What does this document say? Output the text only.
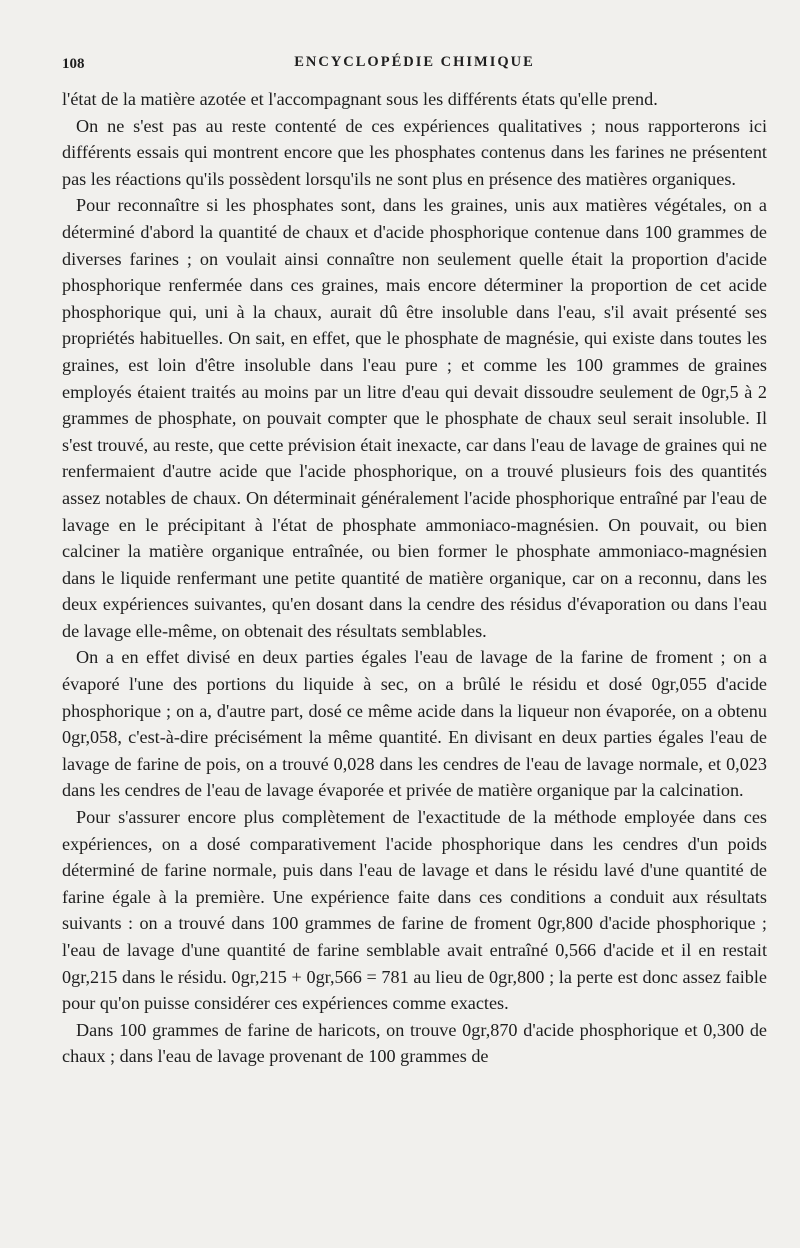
108	ENCYCLOPÉDIE CHIMIQUE

l'état de la matière azotée et l'accompagnant sous les différents états qu'elle prend.

On ne s'est pas au reste contenté de ces expériences qualitatives ; nous rapporterons ici différents essais qui montrent encore que les phosphates contenus dans les farines ne présentent pas les réactions qu'ils possèdent lorsqu'ils ne sont plus en présence des matières organiques.

Pour reconnaître si les phosphates sont, dans les graines, unis aux matières végétales, on a déterminé d'abord la quantité de chaux et d'acide phosphorique contenue dans 100 grammes de diverses farines ; on voulait ainsi connaître non seulement quelle était la proportion d'acide phosphorique renfermée dans ces graines, mais encore déterminer la proportion de cet acide phosphorique qui, uni à la chaux, aurait dû être insoluble dans l'eau, s'il avait présenté ses propriétés habituelles. On sait, en effet, que le phosphate de magnésie, qui existe dans toutes les graines, est loin d'être insoluble dans l'eau pure ; et comme les 100 grammes de graines employés étaient traités au moins par un litre d'eau qui devait dissoudre seulement de 0gr,5 à 2 grammes de phosphate, on pouvait compter que le phosphate de chaux seul serait insoluble. Il s'est trouvé, au reste, que cette prévision était inexacte, car dans l'eau de lavage de graines qui ne renfermaient d'autre acide que l'acide phosphorique, on a trouvé plusieurs fois des quantités assez notables de chaux. On déterminait généralement l'acide phosphorique entraîné par l'eau de lavage en le précipitant à l'état de phosphate ammoniaco-magnésien. On pouvait, ou bien calciner la matière organique entraînée, ou bien former le phosphate ammoniaco-magnésien dans le liquide renfermant une petite quantité de matière organique, car on a reconnu, dans les deux expériences suivantes, qu'en dosant dans la cendre des résidus d'évaporation ou dans l'eau de lavage elle-même, on obtenait des résultats semblables.

On a en effet divisé en deux parties égales l'eau de lavage de la farine de froment ; on a évaporé l'une des portions du liquide à sec, on a brûlé le résidu et dosé 0gr,055 d'acide phosphorique ; on a, d'autre part, dosé ce même acide dans la liqueur non évaporée, on a obtenu 0gr,058, c'est-à-dire précisément la même quantité. En divisant en deux parties égales l'eau de lavage de farine de pois, on a trouvé 0,028 dans les cendres de l'eau de lavage normale, et 0,023 dans les cendres de l'eau de lavage évaporée et privée de matière organique par la calcination.

Pour s'assurer encore plus complètement de l'exactitude de la méthode employée dans ces expériences, on a dosé comparativement l'acide phosphorique dans les cendres d'un poids déterminé de farine normale, puis dans l'eau de lavage et dans le résidu lavé d'une quantité de farine égale à la première. Une expérience faite dans ces conditions a conduit aux résultats suivants : on a trouvé dans 100 grammes de farine de froment 0gr,800 d'acide phosphorique ; l'eau de lavage d'une quantité de farine semblable avait entraîné 0,566 d'acide et il en restait 0gr,215 dans le résidu. 0gr,215 + 0gr,566 = 781 au lieu de 0gr,800 ; la perte est donc assez faible pour qu'on puisse considérer ces expériences comme exactes.

Dans 100 grammes de farine de haricots, on trouve 0gr,870 d'acide phosphorique et 0,300 de chaux ; dans l'eau de lavage provenant de 100 grammes de
